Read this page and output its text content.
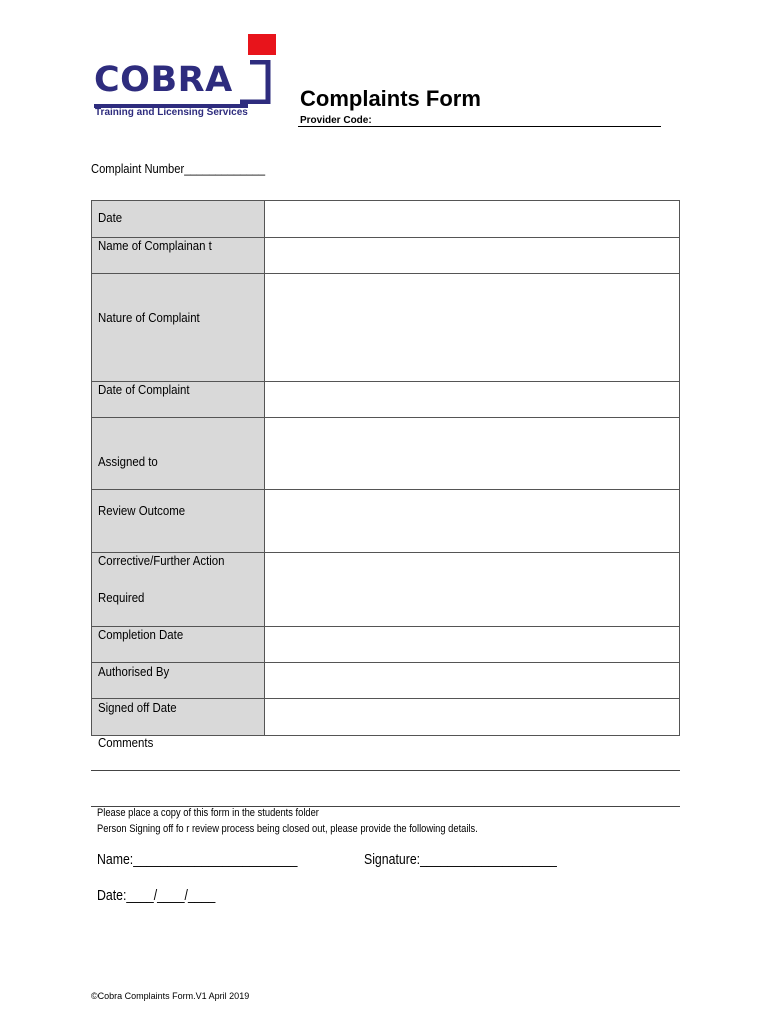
COBRA
Training and Licensing Services
Complaints Form
Provider Code:
Complaint Number_____________
Date
Name of Complainan t
Nature of Complaint
Date of Complaint
Assigned to
Review Outcome
Corrective/Further Action
Required
Completion Date
Authorised By
Signed off Date
Comments
Please place a copy of this form in the students folder
Person Signing off fo r review process being closed out, please provide the following details.
Name:________________________	Signature:____________________
Date:____/____/____
©Cobra Complaints Form.V1 April 2019
